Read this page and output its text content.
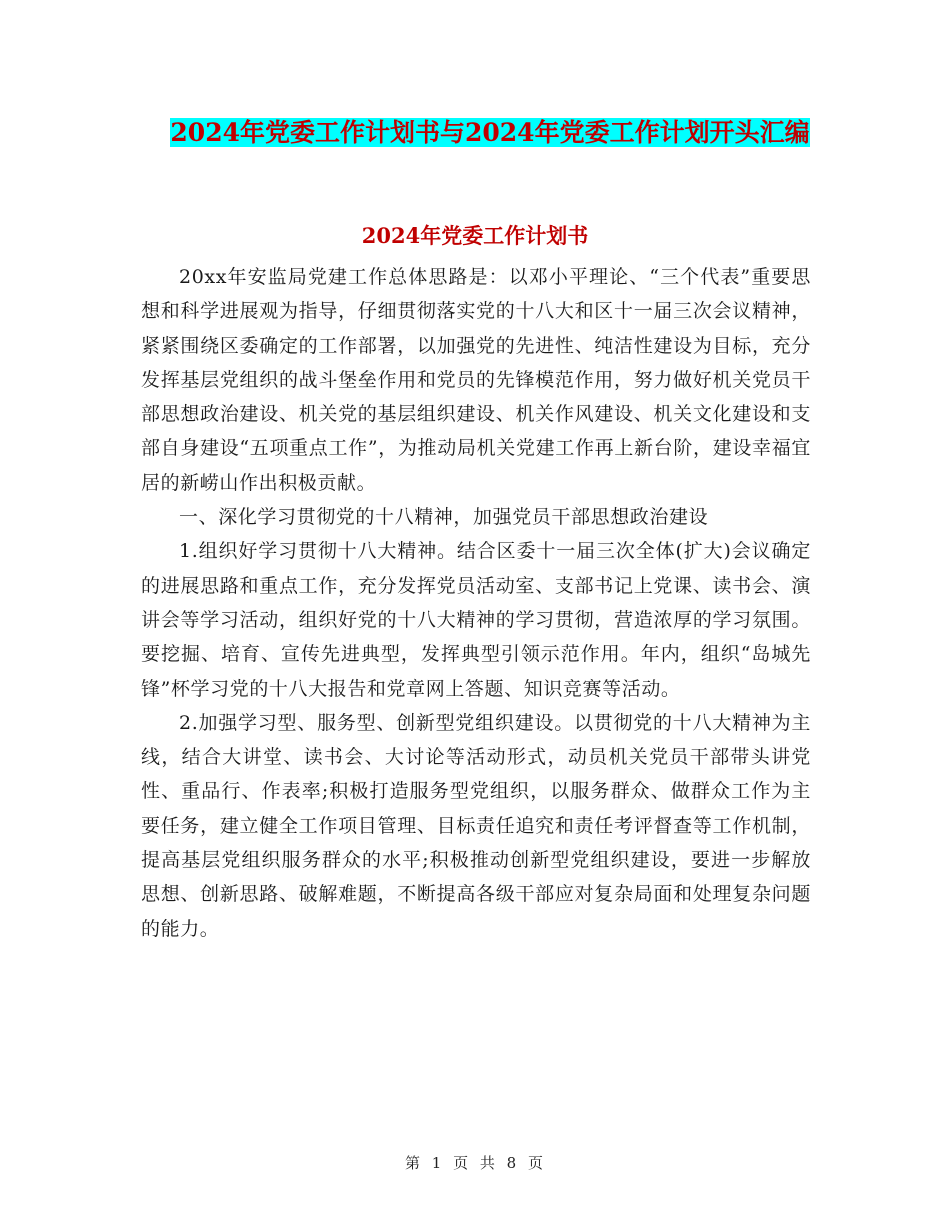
2024年党委工作计划书与2024年党委工作计划开头汇编
2024年党委工作计划书

20xx年安监局党建工作总体思路是：以邓小平理论、“三个代表”重要思想和科学进展观为指导，仔细贯彻落实党的十八大和区十一届三次会议精神，紧紧围绕区委确定的工作部署，以加强党的先进性、纯洁性建设为目标，充分发挥基层党组织的战斗堡垒作用和党员的先锋模范作用，努力做好机关党员干部思想政治建设、机关党的基层组织建设、机关作风建设、机关文化建设和支部自身建设“五项重点工作”，为推动局机关党建工作再上新台阶，建设幸福宜居的新崂山作出积极贡献。

一、深化学习贯彻党的十八精神，加强党员干部思想政治建设

1.组织好学习贯彻十八大精神。结合区委十一届三次全体(扩大)会议确定的进展思路和重点工作，充分发挥党员活动室、支部书记上党课、读书会、演讲会等学习活动，组织好党的十八大精神的学习贯彻，营造浓厚的学习氛围。要挖掘、培育、宣传先进典型，发挥典型引领示范作用。年内，组织“岛城先锋”杯学习党的十八大报告和党章网上答题、知识竞赛等活动。

2.加强学习型、服务型、创新型党组织建设。以贯彻党的十八大精神为主线，结合大讲堂、读书会、大讨论等活动形式，动员机关党员干部带头讲党性、重品行、作表率;积极打造服务型党组织，以服务群众、做群众工作为主要任务，建立健全工作项目管理、目标责任追究和责任考评督查等工作机制，提高基层党组织服务群众的水平;积极推动创新型党组织建设，要进一步解放思想、创新思路、破解难题，不断提高各级干部应对复杂局面和处理复杂问题的能力。

第 1 页 共 8 页
